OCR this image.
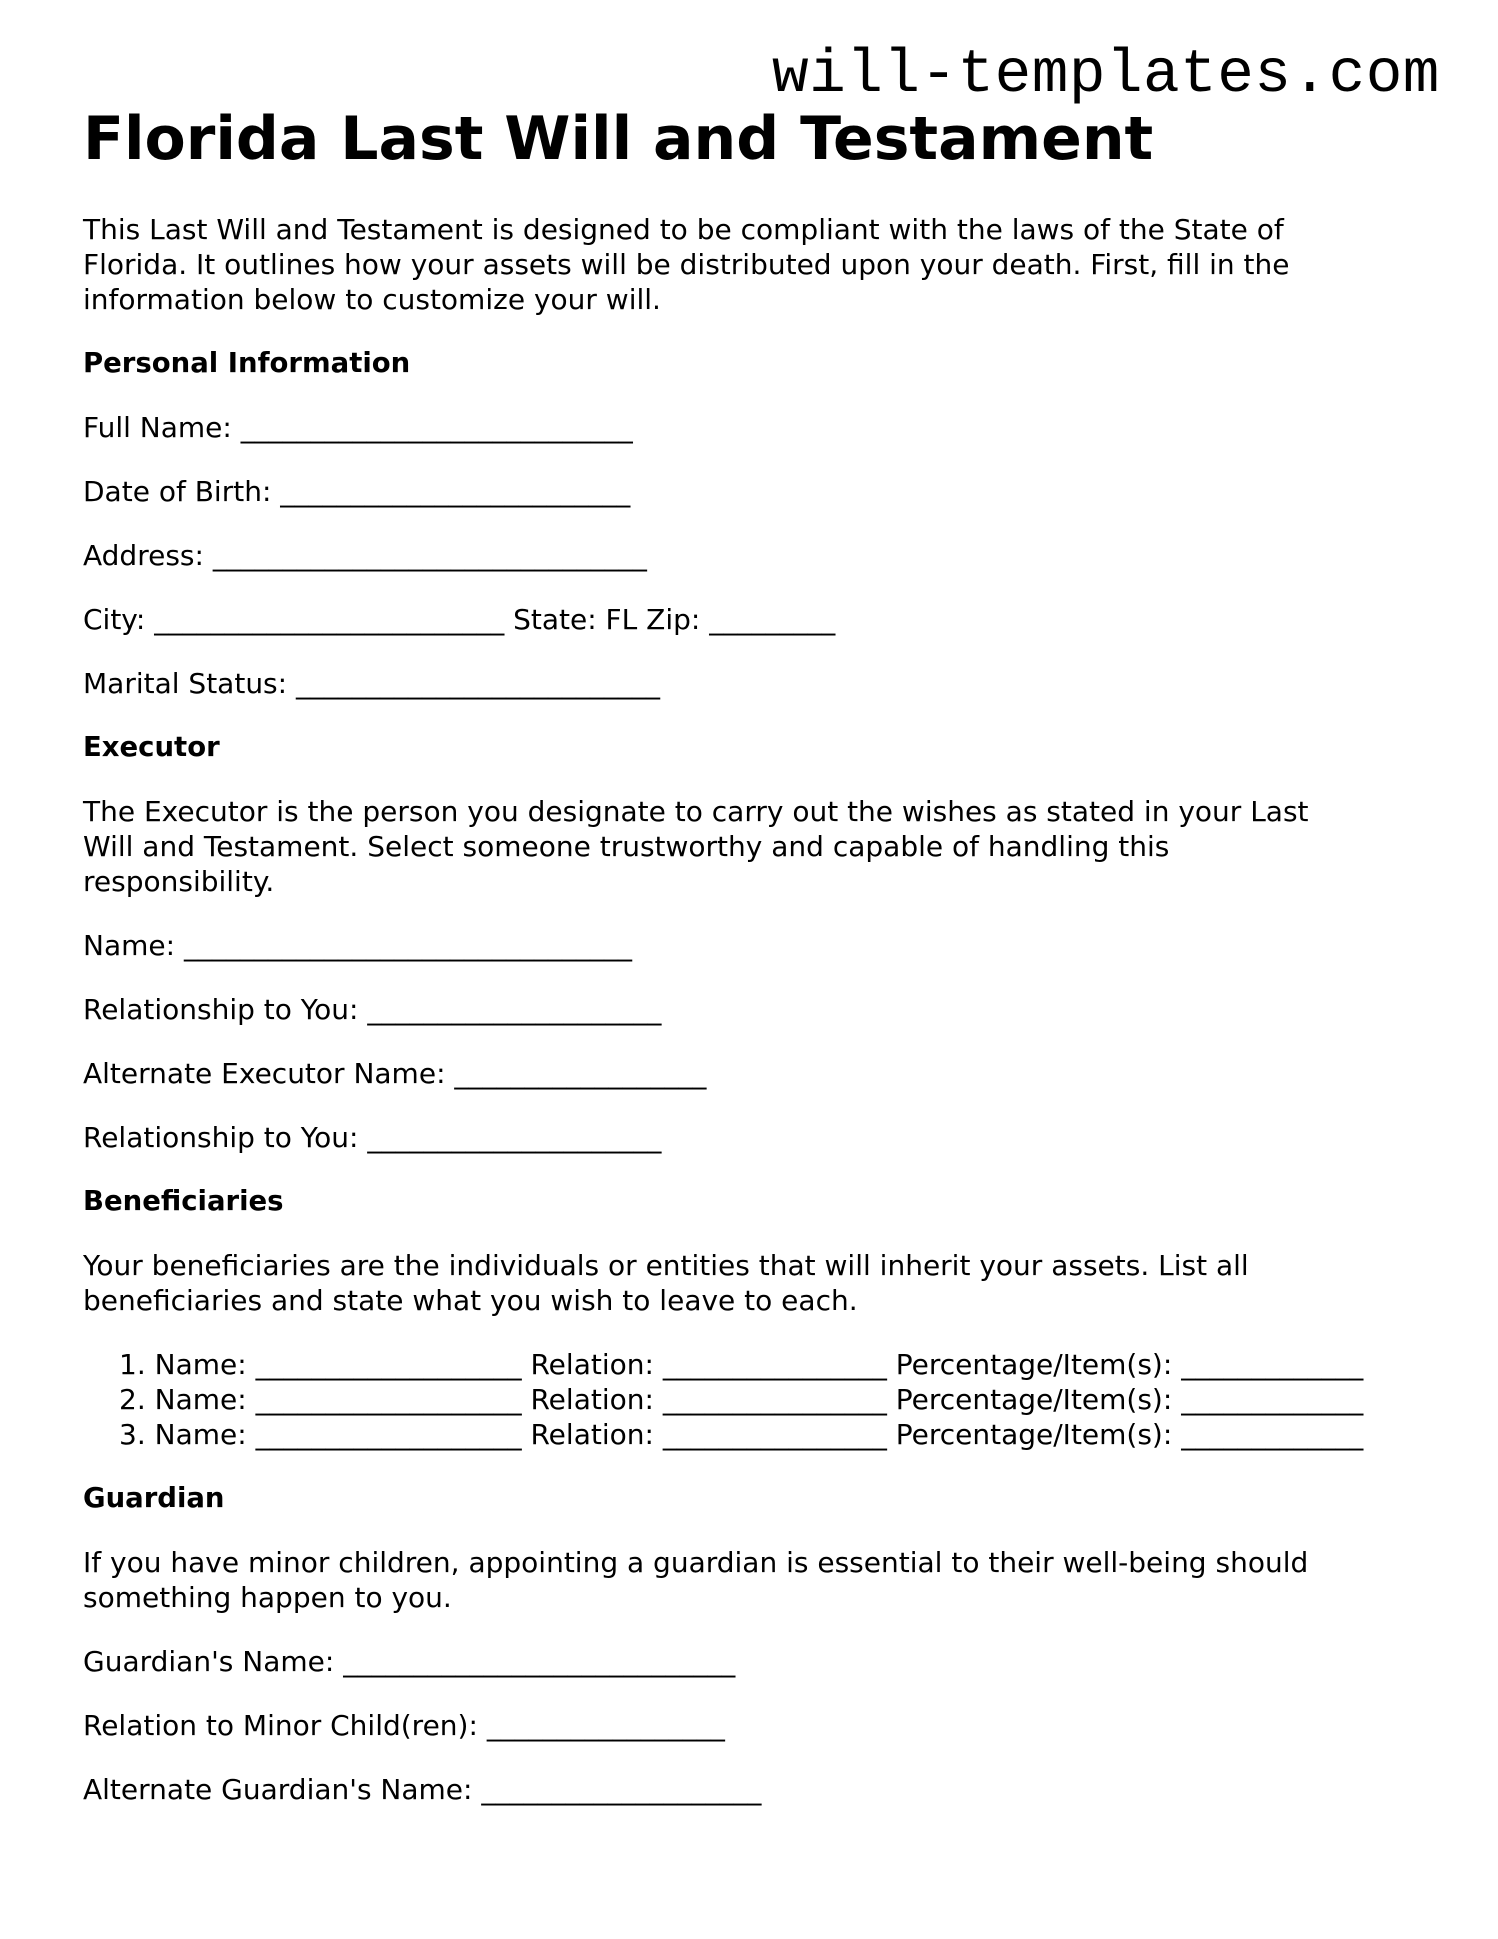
will-templates.com
Florida Last Will and Testament

This Last Will and Testament is designed to be compliant with the laws of the State of
Florida. It outlines how your assets will be distributed upon your death. First, fill in the
information below to customize your will.

Personal Information
Full Name: ____________________________
Date of Birth: _________________________
Address: _______________________________
City: _________________________ State: FL Zip: _________
Marital Status: __________________________
Executor

The Executor is the person you designate to carry out the wishes as stated in your Last
Will and Testament. Select someone trustworthy and capable of handling this
responsibility.

Name: ________________________________
Relationship to You: _____________________
Alternate Executor Name: __________________
Relationship to You: _____________________
Beneficiaries

Your beneficiaries are the individuals or entities that will inherit your assets. List all
beneficiaries and state what you wish to leave to each.

1. Name: ___________________ Relation: ________________ Percentage/Item(s): _____________
2. Name: ___________________ Relation: ________________ Percentage/Item(s): _____________
3. Name: ___________________ Relation: ________________ Percentage/Item(s): _____________
Guardian

If you have minor children, appointing a guardian is essential to their well-being should
something happen to you.

Guardian's Name: ____________________________
Relation to Minor Child(ren): _________________
Alternate Guardian's Name: ____________________
